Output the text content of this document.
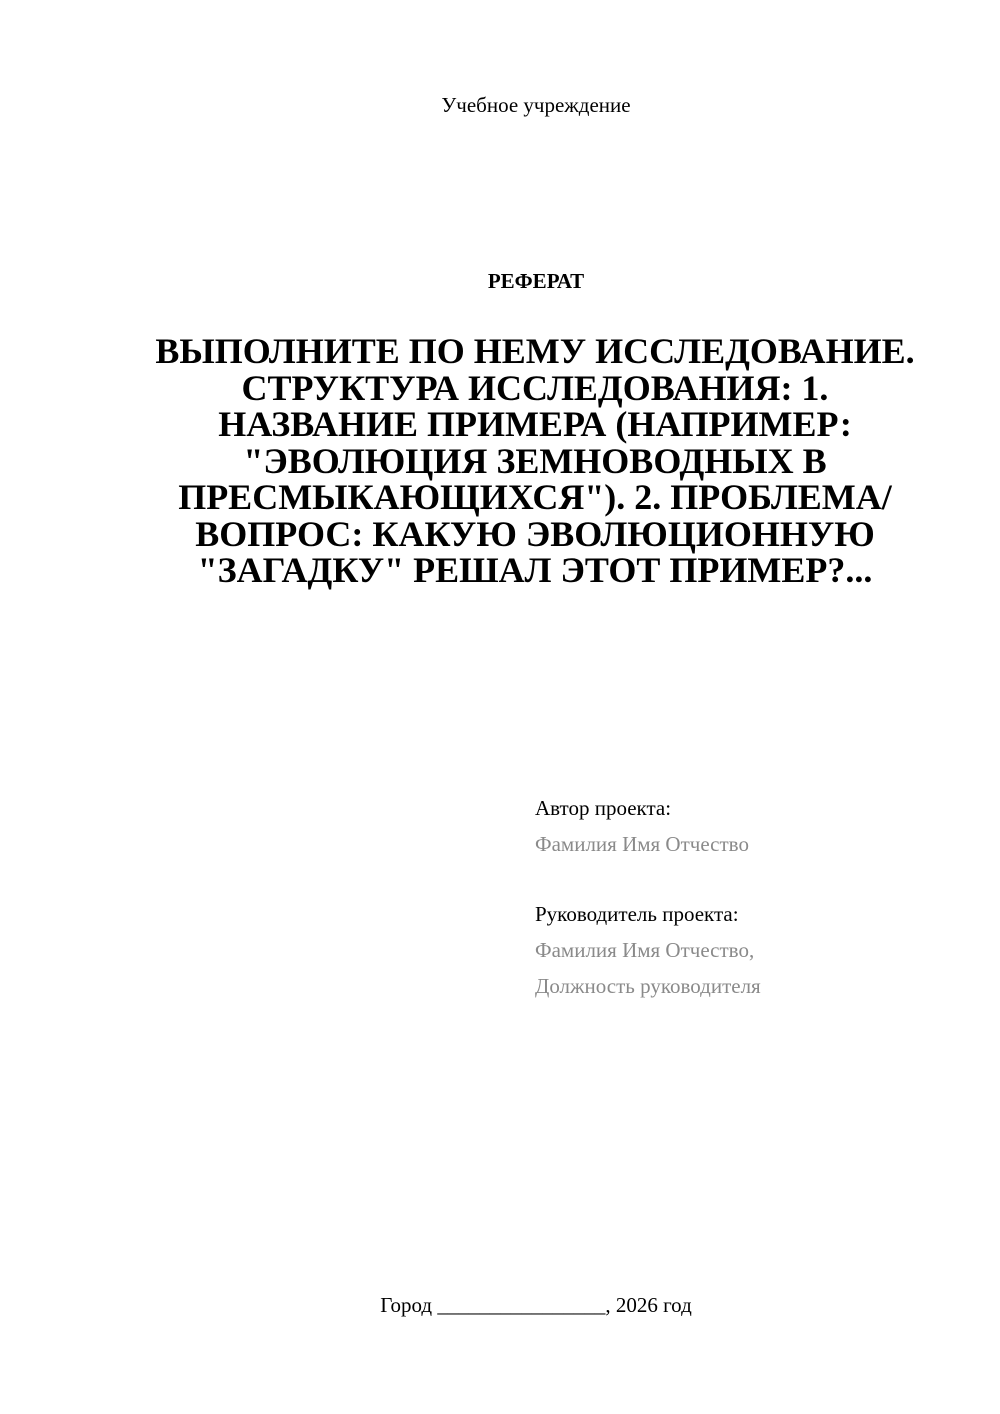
Учебное учреждение
РЕФЕРАТ
ВЫПОЛНИТЕ ПО НЕМУ ИССЛЕДОВАНИЕ. СТРУКТУРА ИССЛЕДОВАНИЯ: 1. НАЗВАНИЕ ПРИМЕРА (НАПРИМЕР: "ЭВОЛЮЦИЯ ЗЕМНОВОДНЫХ В ПРЕСМЫКАЮЩИХСЯ"). 2. ПРОБЛЕМА/ВОПРОС: КАКУЮ ЭВОЛЮЦИОННУЮ "ЗАГАДКУ" РЕШАЛ ЭТОТ ПРИМЕР?...
Автор проекта:
Фамилия Имя Отчество
Руководитель проекта:
Фамилия Имя Отчество,
Должность руководителя
Город ________________, 2026 год
